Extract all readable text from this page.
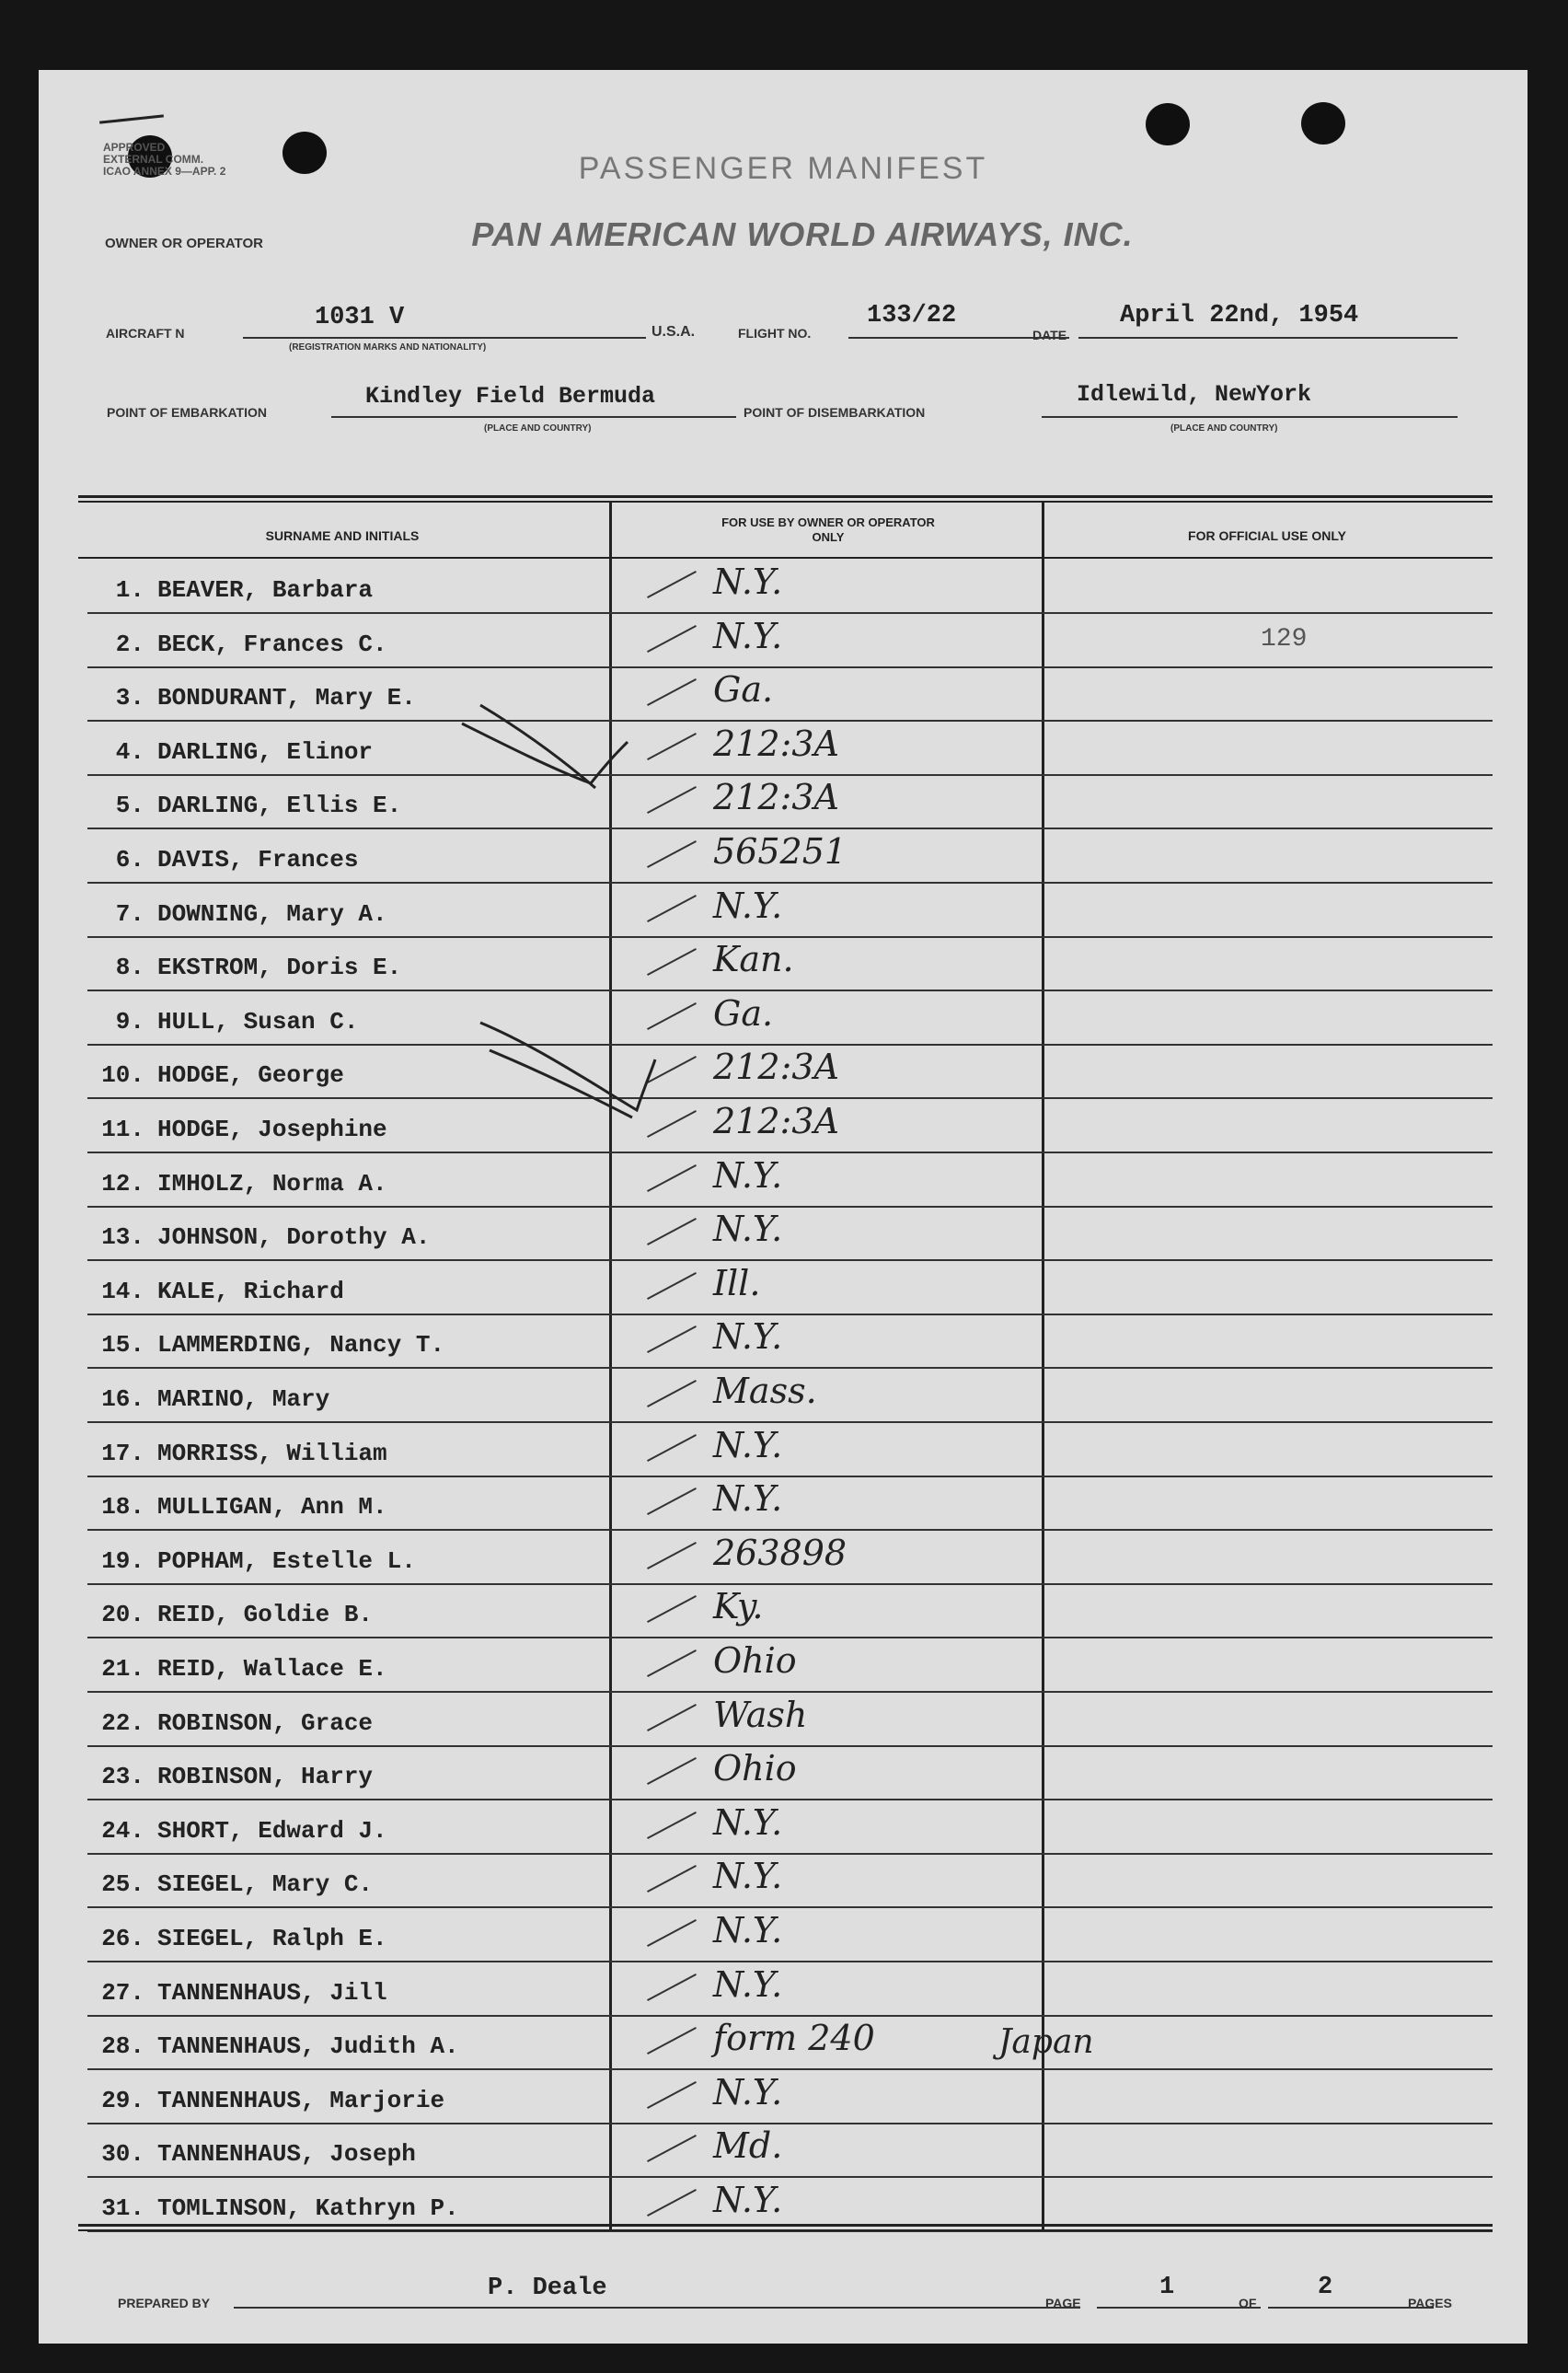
APPROVED
EXTERNAL COMM.
ICAO ANNEX 9—APP. 2	PASSENGER MANIFEST
OWNER OR OPERATOR	PAN AMERICAN WORLD AIRWAYS, INC.
AIRCRAFT N
1031 V
(REGISTRATION MARKS AND NATIONALITY)
U.S.A.	FLIGHT NO.
133/22
DATE
April 22nd, 1954
POINT OF EMBARKATION
Kindley Field Bermuda
(PLACE AND COUNTRY)
POINT OF DISEMBARKATION
Idlewild, NewYork
(PLACE AND COUNTRY)
SURNAME AND INITIALS
FOR USE BY OWNER OR OPERATOR ONLY	FOR OFFICIAL USE ONLY
1. BEAVER, Barbara	N.Y.
2. BECK, Frances C.	N.Y.	129
3. BONDURANT, Mary E.	Ga.
4. DARLING, Elinor	212:3A
5. DARLING, Ellis E.	212:3A
6. DAVIS, Frances	565251
7. DOWNING, Mary A.	N.Y.
8. EKSTROM, Doris E.	Kan.
9. HULL, Susan C.	Ga.
10. HODGE, George	212:3A
11. HODGE, Josephine	212:3A
12. IMHOLZ, Norma A.	N.Y.
13. JOHNSON, Dorothy A.	N.Y.
14. KALE, Richard	Ill.
15. LAMMERDING, Nancy T.	N.Y.
16. MARINO, Mary	Mass.
17. MORRISS, William	N.Y.
18. MULLIGAN, Ann M.	N.Y.
19. POPHAM, Estelle L.	263898
20. REID, Goldie B.	Ky.
21. REID, Wallace E.	Ohio
22. ROBINSON, Grace	Wash
23. ROBINSON, Harry	Ohio
24. SHORT, Edward J.	N.Y.
25. SIEGEL, Mary C.	N.Y.
26. SIEGEL, Ralph E.	N.Y.
27. TANNENHAUS, Jill	N.Y.
28. TANNENHAUS, Judith A.	form 240	Japan
29. TANNENHAUS, Marjorie	N.Y.
30. TANNENHAUS, Joseph	Md.
31. TOMLINSON, Kathryn P.	N.Y.
PREPARED BY
P. Deale
PAGE
1
OF
2
PAGES
